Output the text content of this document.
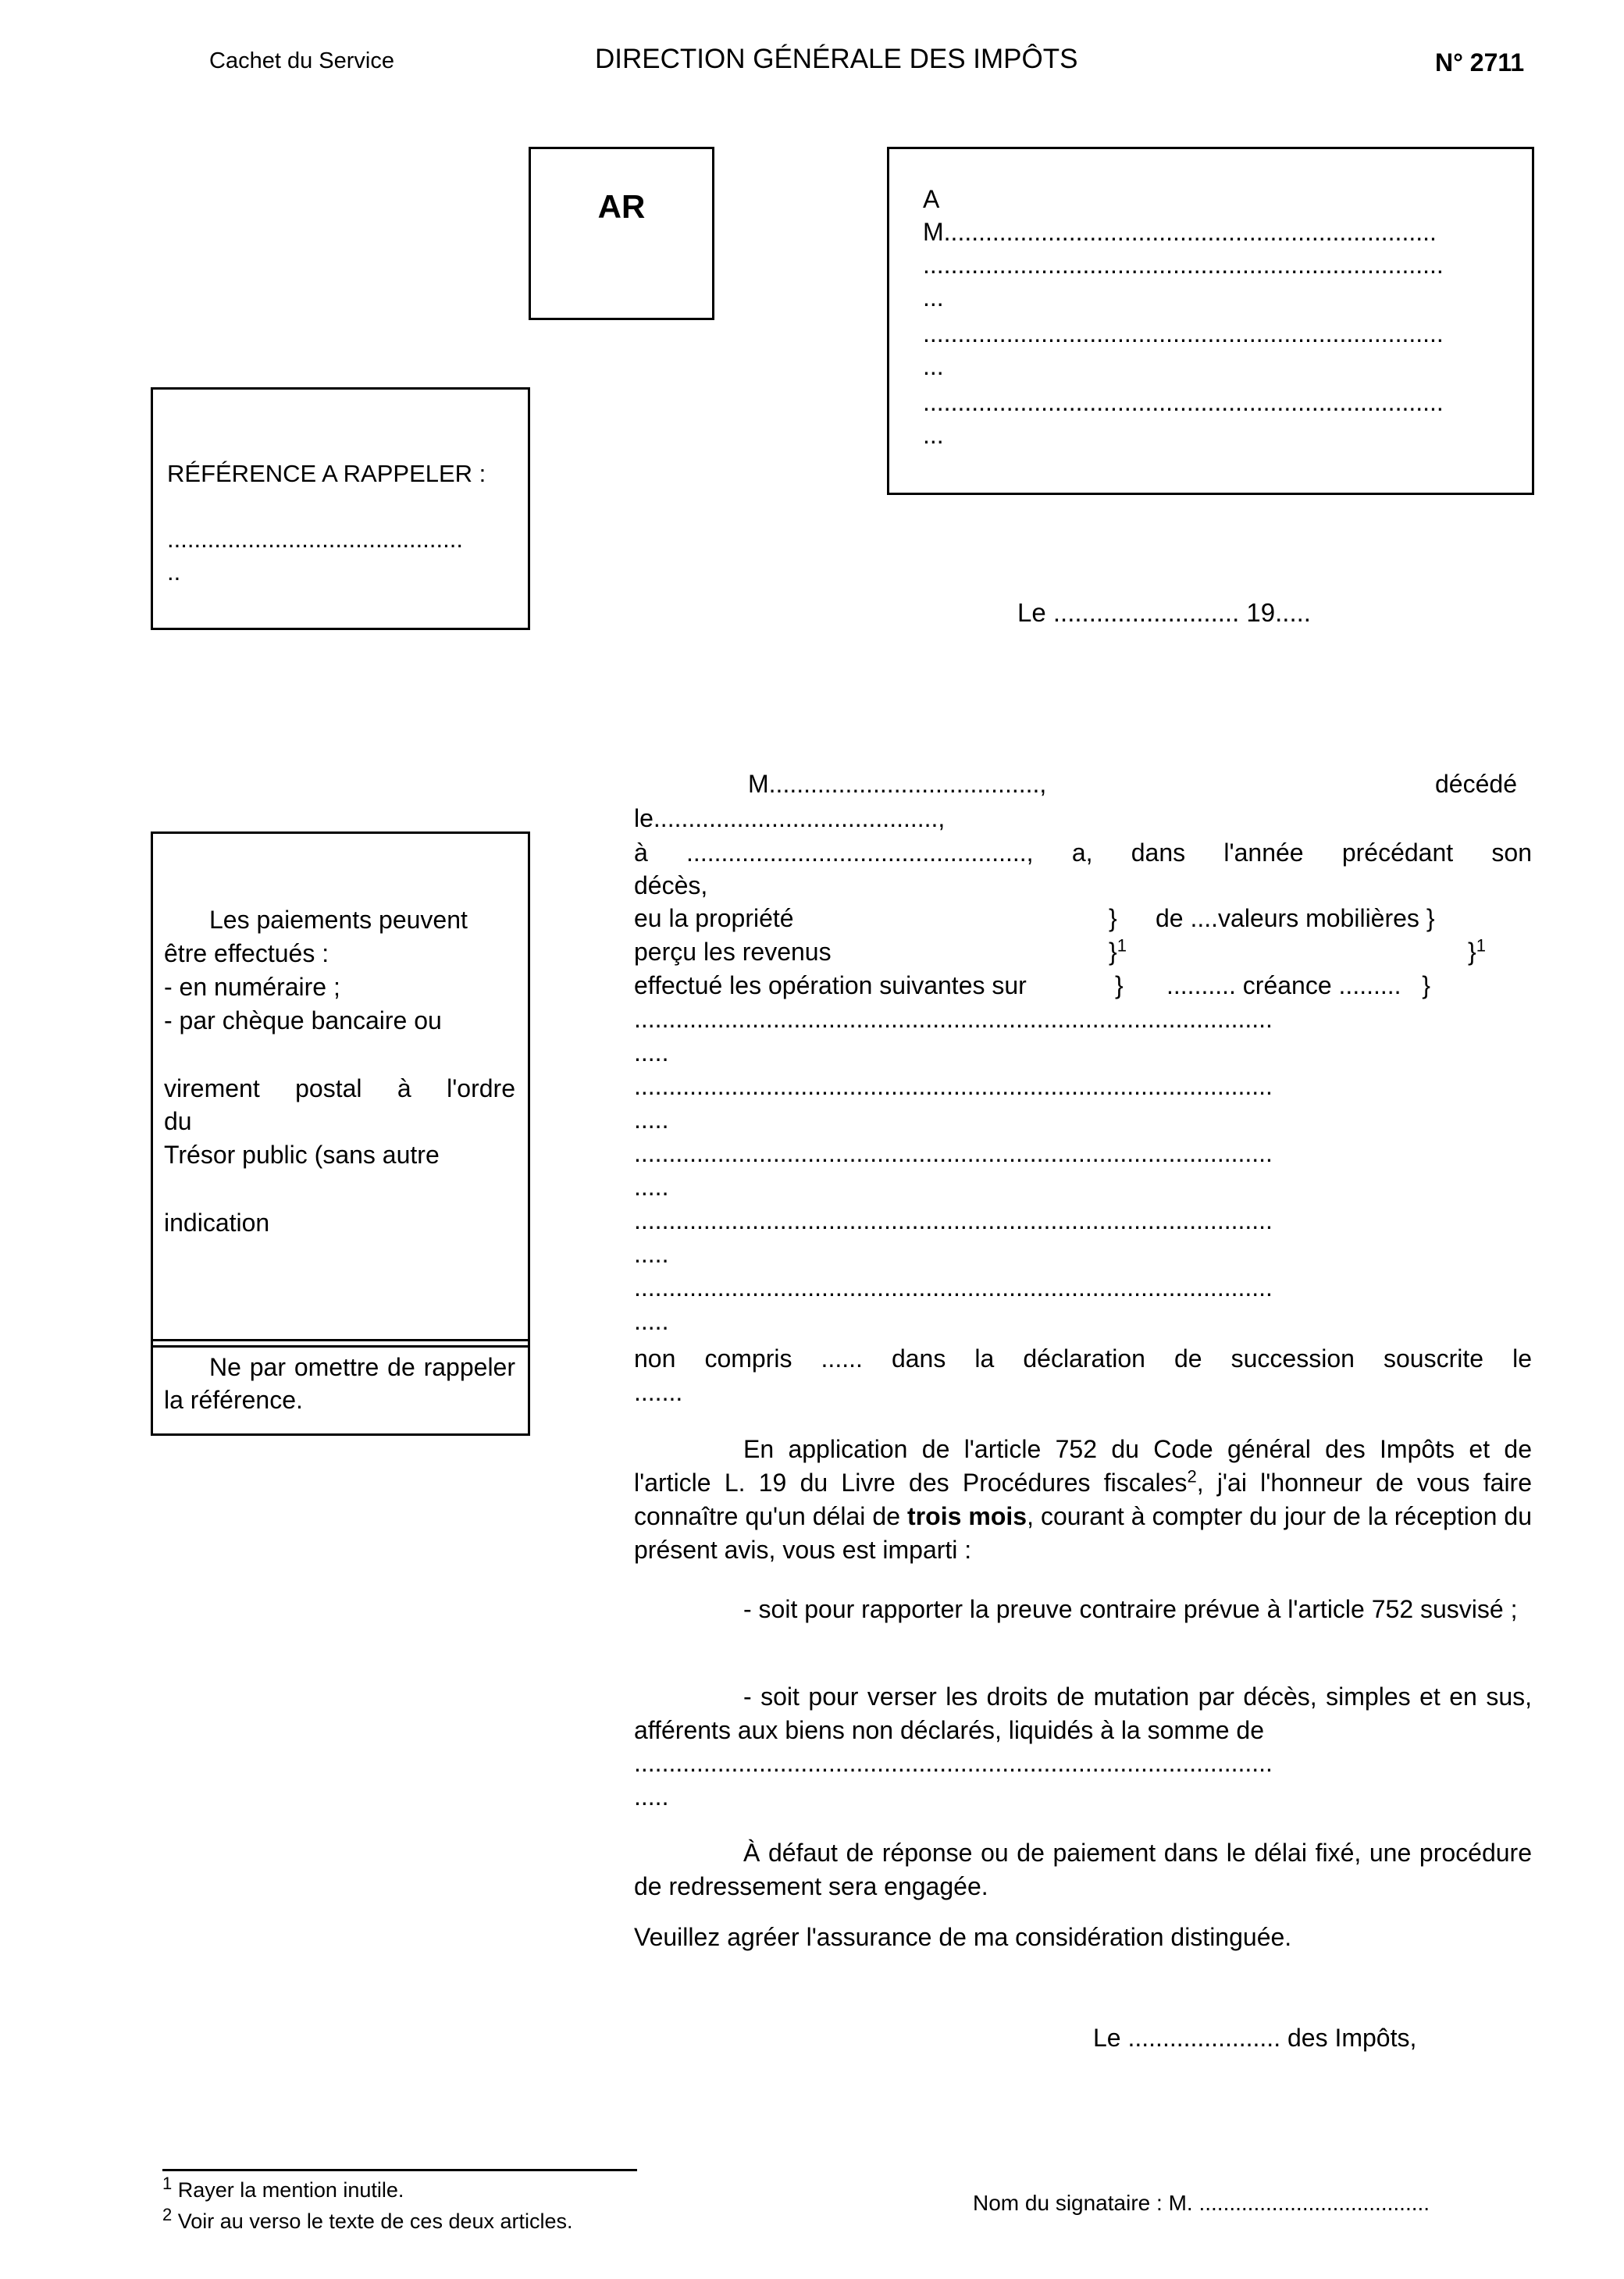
Cachet du Service	DIRECTION GÉNÉRALE DES IMPÔTS	N° 2711
AR	A
M.......................................................................
...........................................................................
...
...........................................................................
...
...........................................................................
...
RÉFÉRENCE A RAPPELER :
............................................
..
Le .......................... 19.....
Les paiements peuvent
être effectués :
- en numéraire ;
- par chèque bancaire ou
virement postal à l'ordre
du
Trésor public (sans autre
indication
Ne par omettre de rappeler la référence.
M.......................................,	décédé
le.........................................,
à ................................................., a, dans l'année précédant son
décès,
eu la propriété	} de ....valeurs mobilières }
perçu les revenus	}$^1$	}$^1$
effectué les opération suivantes sur	} .......... créance .........   }
............................................................................................
.....
............................................................................................
.....
............................................................................................
.....
............................................................................................
.....
............................................................................................
.....
non compris ...... dans la déclaration de succession souscrite le
.......
En application de l'article 752 du Code général des Impôts et de l'article L. 19 du Livre des Procédures fiscales$^2$, j'ai l'honneur de vous faire connaître qu'un délai de trois mois, courant à compter du jour de la réception du présent avis, vous est imparti :
- soit pour rapporter la preuve contraire prévue à l'article 752 susvisé ;
- soit pour verser les droits de mutation par décès, simples et en sus, afférents aux biens non déclarés, liquidés à la somme de
............................................................................................
.....
À défaut de réponse ou de paiement dans le délai fixé, une procédure de redressement sera engagée.
Veuillez agréer l'assurance de ma considération distinguée.
Le ...................... des Impôts,
$^1$ Rayer la mention inutile.
$^2$ Voir au verso le texte de ces deux articles.
Nom du signataire : M. ......................................
